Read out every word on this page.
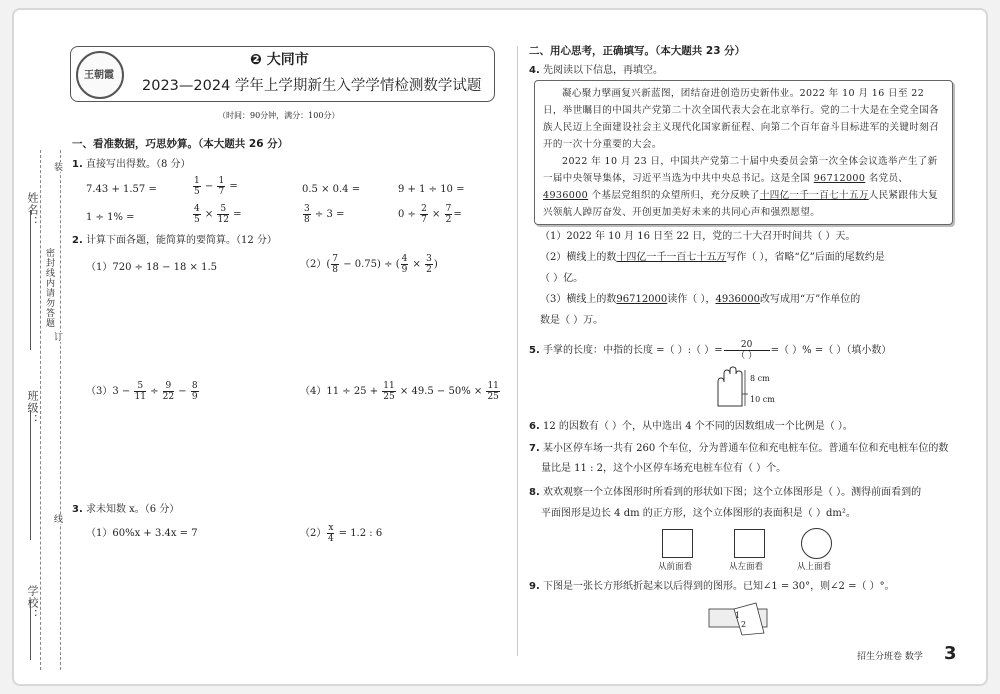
姓名：
班级：
学校：
装
密封线内请勿答题
订
线
王朝霞
❷ 大同市
2023—2024 学年上学期新生入学学情检测数学试题
（时间：90分钟，满分：100分）
一、看准数据，巧思妙算。（本大题共 26 分）
1. 直接写出得数。（8 分）
7.43 + 1.57 =	$\frac{1}{5} - \frac{1}{7}$ =	0.5 × 0.4 =	9 + 1 ÷ 10 =
1 ÷ 1% =	$\frac{4}{5} \times \frac{5}{12}$ =	$\frac{3}{8} \div 3$ =	$0 \div \frac{2}{7} \times \frac{7}{2}$ =
2. 计算下面各题，能简算的要简算。（12 分）
（1）720 ÷ 18 − 18 × 1.5	$(2)( \frac{7}{8} - 0.75)$ ÷ ( $\frac{4}{9} \times \frac{3}{2}$ )
$(3)3 - \frac{5}{11} \div \frac{9}{22} - \frac{8}{9}$	$(4)11 \div 25 + \frac{11}{25} \times 49.5 - 50\% \times \frac{11}{25}$
3. 求未知数 x。（6 分）
（1）60%x + 3.4x = 7	$(2) \frac{x}{4} = 1.2$ : 6
二、用心思考，正确填写。（本大题共 23 分）
4. 先阅读以下信息，再填空。

凝心聚力擘画复兴新蓝图，团结奋进创造历史新伟业。2022 年 10 月 16 日至 22 日，举世瞩目的中国共产党第二十次全国代表大会在北京举行。党的二十大是在全党全国各族人民迈上全面建设社会主义现代化国家新征程、向第二个百年奋斗目标进军的关键时刻召开的一次十分重要的大会。

2022 年 10 月 23 日，中国共产党第二十届中央委员会第一次全体会议选举产生了新一届中央领导集体，习近平当选为中共中央总书记。这是全国 96712000 名党员、4936000 个基层党组织的众望所归，充分反映了十四亿一千一百七十五万人民紧跟伟大复兴领航人踔厉奋发、开创更加美好未来的共同心声和强烈愿望。

（1）2022 年 10 月 16 日至 22 日，党的二十大召开时间共（ ）天。
（2）横线上的数十四亿一千一百七十五万写作（ ），省略“亿”后面的尾数约是
（ ）亿。
（3）横线上的数96712000读作（ ），4936000改写成用“万”作单位的
数是（ ）万。
5. 手掌的长度：中指的长度 =（ ）:（ ）= $\frac{20}{( )}$ =（ ）% =（ ）（填小数）
8 cm
10 cm
6. 12 的因数有（ ）个，从中选出 4 个不同的因数组成一个比例是（ ）。
7. 某小区停车场一共有 260 个车位，分为普通车位和充电桩车位。普通车位和充电桩车位的数
量比是 11 : 2，这个小区停车场充电桩车位有（ ）个。
8. 欢欢观察一个立体图形时所看到的形状如下图；这个立体图形是（ ）。测得前面看到的
平面图形是边长 4 dm 的正方形，这个立体图形的表面积是（ ）dm²。
从前面看	从左面看	从上面看
9. 下图是一张长方形纸折起来以后得到的图形。已知∠1 = 30°，则∠2 =（ ）°。
1
2
招生分班卷 数学 3
